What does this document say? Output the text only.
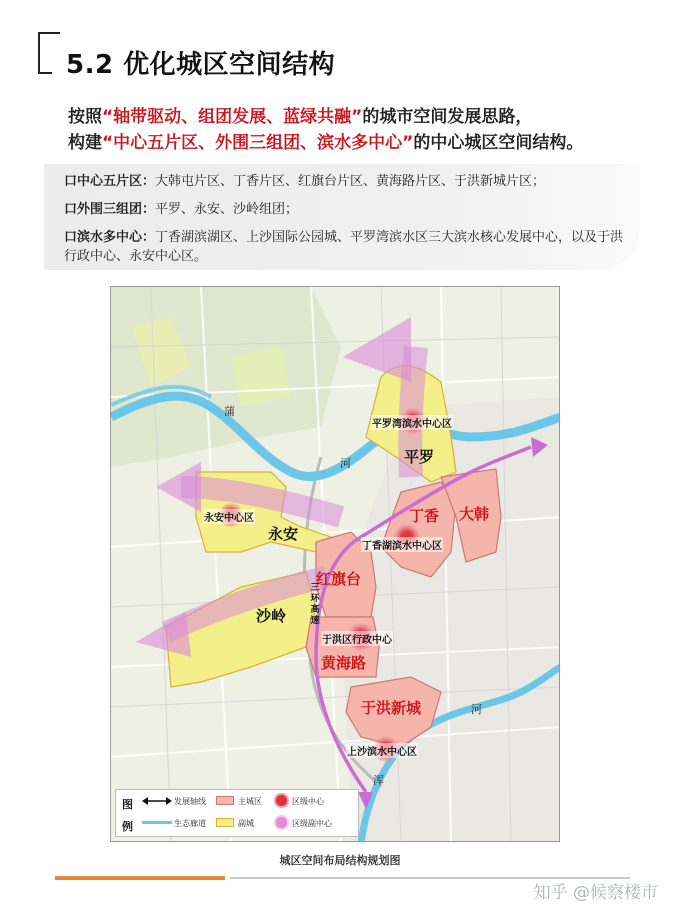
5.2 优化城区空间结构
按照“轴带驱动、组团发展、蓝绿共融”的城市空间发展思路，
构建“中心五片区、外围三组团、滨水多中心”的中心城区空间结构。
口中心五片区：大韩屯片区、丁香片区、红旗台片区、黄海路片区、于洪新城片区；
口外围三组团：平罗、永安、沙岭组团；
口滨水多中心：丁香湖滨湖区、上沙国际公园城、平罗湾滨水区三大滨水核心发展中心，以及于洪行政中心、永安中心区。
平罗
永安
沙岭
丁香 大韩
红旗台
黄海路
于洪新城
平罗湾滨水中心区
永安中心区
丁香湖滨水中心区
于洪区行政中心
上沙滨水中心区
蒲
河
河
浑
三环高速
图
例
发展轴线	主城区	区级中心
生态廊道	副城	区级副中心
城区空间布局结构规划图
知乎 @候察楼市
